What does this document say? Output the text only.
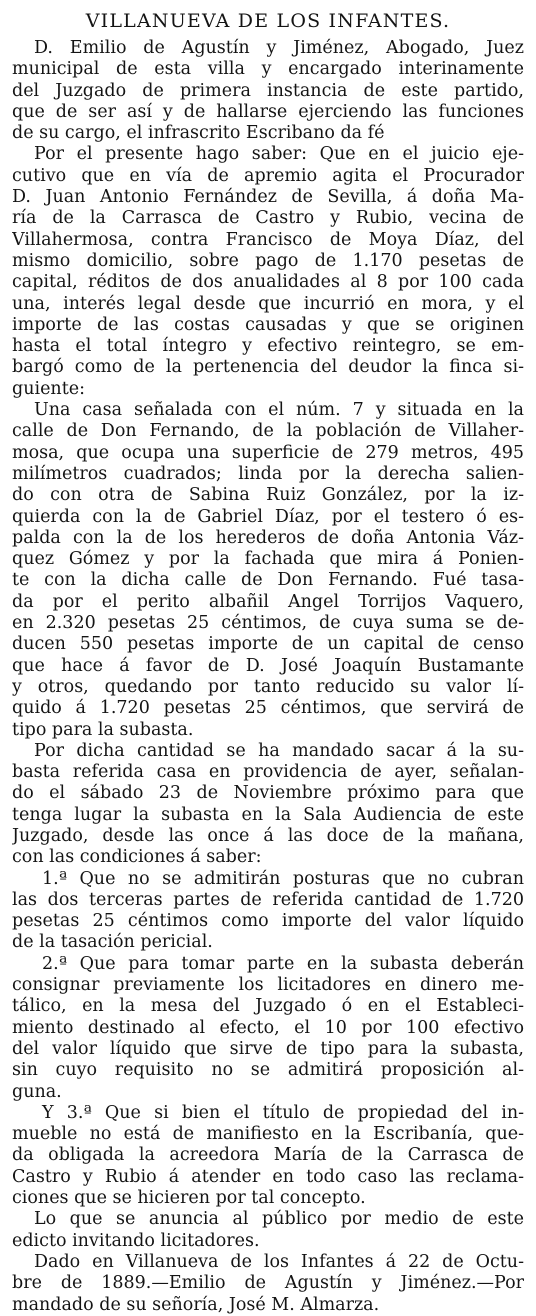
VILLANUEVA DE LOS INFANTES.
D. Emilio de Agustín y Jiménez, Abogado, Juez
municipal de esta villa y encargado interinamente
del Juzgado de primera instancia de este partido,
que de ser así y de hallarse ejerciendo las funciones
de su cargo, el infrascrito Escribano da fé
Por el presente hago saber: Que en el juicio eje-
cutivo que en vía de apremio agita el Procurador
D. Juan Antonio Fernández de Sevilla, á doña Ma-
ría de la Carrasca de Castro y Rubio, vecina de
Villahermosa, contra Francisco de Moya Díaz, del
mismo domicilio, sobre pago de 1.170 pesetas de
capital, réditos de dos anualidades al 8 por 100 cada
una, interés legal desde que incurrió en mora, y el
importe de las costas causadas y que se originen
hasta el total íntegro y efectivo reintegro, se em-
bargó como de la pertenencia del deudor la finca si-
guiente:
Una casa señalada con el núm. 7 y situada en la
calle de Don Fernando, de la población de Villaher-
mosa, que ocupa una superficie de 279 metros, 495
milímetros cuadrados; linda por la derecha salien-
do con otra de Sabina Ruiz González, por la iz-
quierda con la de Gabriel Díaz, por el testero ó es-
palda con la de los herederos de doña Antonia Váz-
quez Gómez y por la fachada que mira á Ponien-
te con la dicha calle de Don Fernando. Fué tasa-
da por el perito albañil Angel Torrijos Vaquero,
en 2.320 pesetas 25 céntimos, de cuya suma se de-
ducen 550 pesetas importe de un capital de censo
que hace á favor de D. José Joaquín Bustamante
y otros, quedando por tanto reducido su valor lí-
quido á 1.720 pesetas 25 céntimos, que servirá de
tipo para la subasta.
Por dicha cantidad se ha mandado sacar á la su-
basta referida casa en providencia de ayer, señalan-
do el sábado 23 de Noviembre próximo para que
tenga lugar la subasta en la Sala Audiencia de este
Juzgado, desde las once á las doce de la mañana,
con las condiciones á saber:
1.ª Que no se admitirán posturas que no cubran
las dos terceras partes de referida cantidad de 1.720
pesetas 25 céntimos como importe del valor líquido
de la tasación pericial.
2.ª Que para tomar parte en la subasta deberán
consignar previamente los licitadores en dinero me-
tálico, en la mesa del Juzgado ó en el Estableci-
miento destinado al efecto, el 10 por 100 efectivo
del valor líquido que sirve de tipo para la subasta,
sin cuyo requisito no se admitirá proposición al-
guna.
Y 3.ª Que si bien el título de propiedad del in-
mueble no está de manifiesto en la Escribanía, que-
da obligada la acreedora María de la Carrasca de
Castro y Rubio á atender en todo caso las reclama-
ciones que se hicieren por tal concepto.
Lo que se anuncia al público por medio de este
edicto invitando licitadores.
Dado en Villanueva de los Infantes á 22 de Octu-
bre de 1889.—Emilio de Agustín y Jiménez.—Por
mandado de su señoría, José M. Almarza.
